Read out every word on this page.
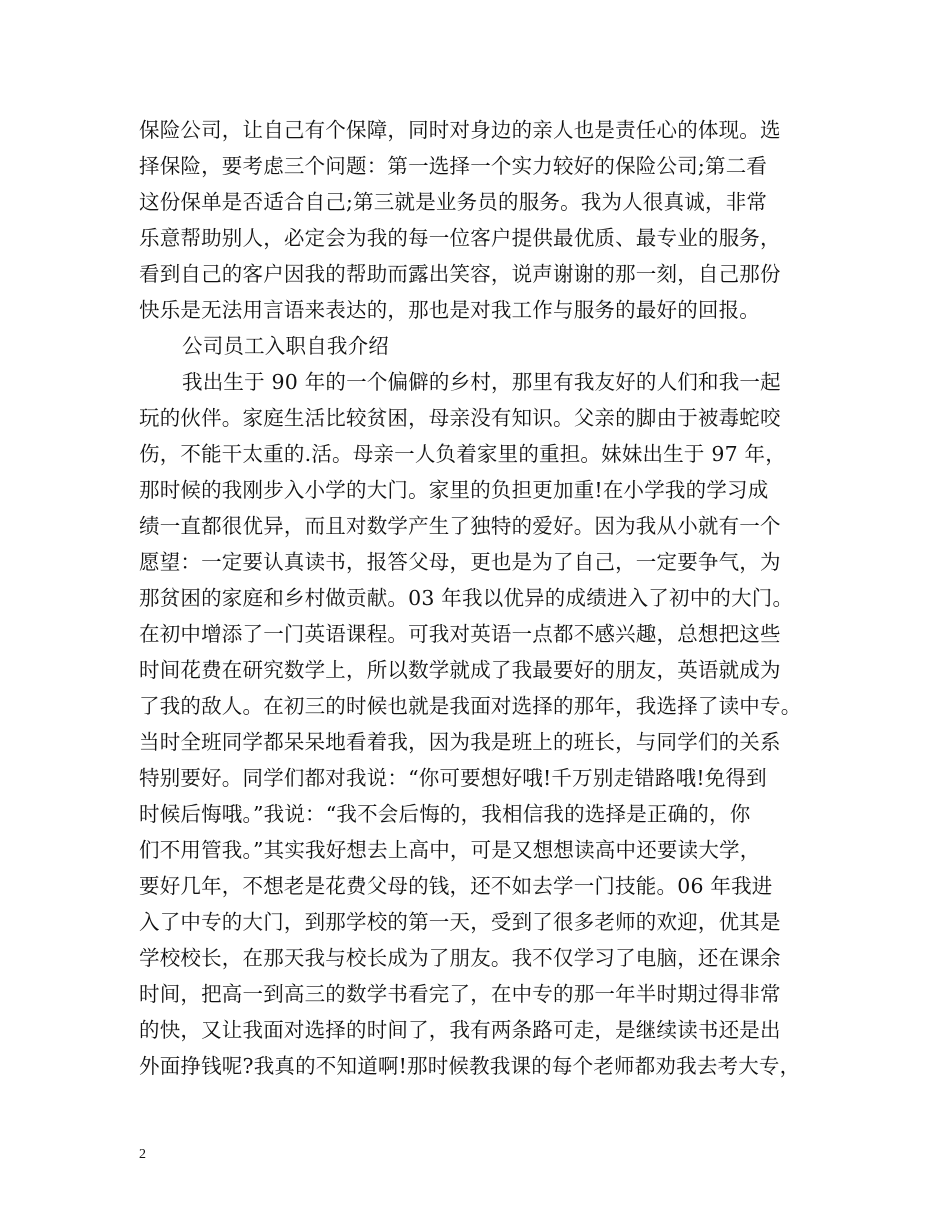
保险公司，让自己有个保障，同时对身边的亲人也是责任心的体现。选
择保险，要考虑三个问题：第一选择一个实力较好的保险公司;第二看
这份保单是否适合自己;第三就是业务员的服务。我为人很真诚，非常
乐意帮助别人，必定会为我的每一位客户提供最优质、最专业的服务，
看到自己的客户因我的帮助而露出笑容，说声谢谢的那一刻，自己那份
快乐是无法用言语来表达的，那也是对我工作与服务的最好的回报。
公司员工入职自我介绍
我出生于 90 年的一个偏僻的乡村，那里有我友好的人们和我一起
玩的伙伴。家庭生活比较贫困，母亲没有知识。父亲的脚由于被毒蛇咬
伤，不能干太重的.活。母亲一人负着家里的重担。妹妹出生于 97 年，
那时候的我刚步入小学的大门。家里的负担更加重!在小学我的学习成
绩一直都很优异，而且对数学产生了独特的爱好。因为我从小就有一个
愿望：一定要认真读书，报答父母，更也是为了自己，一定要争气，为
那贫困的家庭和乡村做贡献。03 年我以优异的成绩进入了初中的大门。
在初中增添了一门英语课程。可我对英语一点都不感兴趣，总想把这些
时间花费在研究数学上，所以数学就成了我最要好的朋友，英语就成为
了我的敌人。在初三的时候也就是我面对选择的那年，我选择了读中专。
当时全班同学都呆呆地看着我，因为我是班上的班长，与同学们的关系
特别要好。同学们都对我说：“你可要想好哦!千万别走错路哦!免得到
时候后悔哦。”我说：“我不会后悔的，我相信我的选择是正确的，你
们不用管我。”其实我好想去上高中，可是又想想读高中还要读大学，
要好几年，不想老是花费父母的钱，还不如去学一门技能。06 年我进
入了中专的大门，到那学校的第一天，受到了很多老师的欢迎，优其是
学校校长，在那天我与校长成为了朋友。我不仅学习了电脑，还在课余
时间，把高一到高三的数学书看完了，在中专的那一年半时期过得非常
的快，又让我面对选择的时间了，我有两条路可走，是继续读书还是出
外面挣钱呢?我真的不知道啊!那时候教我课的每个老师都劝我去考大专，
2
